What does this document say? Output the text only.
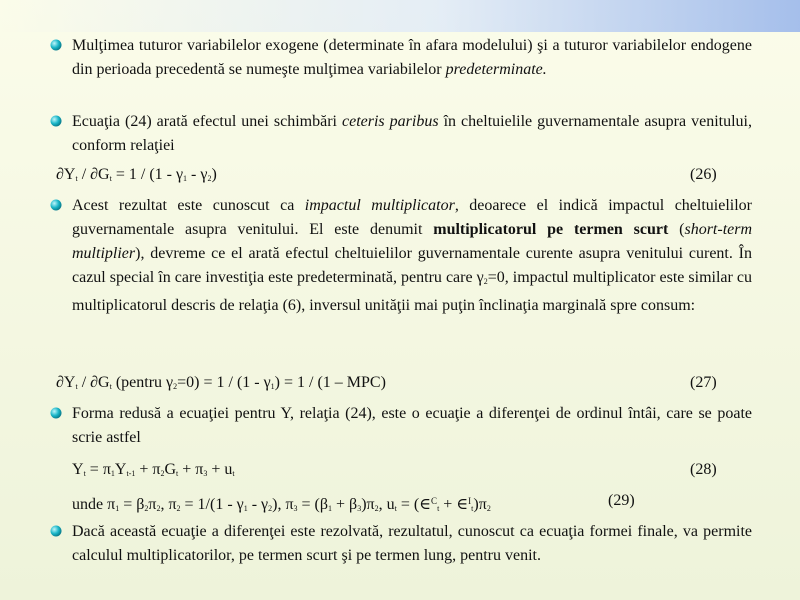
Mulţimea tuturor variabilelor exogene (determinate în afara modelului) şi a tuturor variabilelor endogene din perioada precedentă se numeşte mulţimea variabilelor predeterminate.
Ecuaţia (24) arată efectul unei schimbări ceteris paribus în cheltuielile guvernamentale asupra venitului, conform relaţiei
$\partial Y_t / \partial G_t = 1 / (1 - \gamma_1 - \gamma_2)$	(26)
Acest rezultat este cunoscut ca impactul multiplicator, deoarece el indică impactul cheltuielilor guvernamentale asupra venitului. El este denumit multiplicatorul pe termen scurt (short-term multiplier), devreme ce el arată efectul cheltuielilor guvernamentale curente asupra venitului curent. În cazul special în care investiţia este predeterminată, pentru care $\gamma_2=0$, impactul multiplicator este similar cu multiplicatorul descris de relaţia (6), inversul unităţii mai puţin înclinaţia marginală spre consum:
$\partial Y_t / \partial G_t$ (pentru $\gamma_2=0) = 1 / (1 - \gamma_1) = 1 / (1 - MPC)$	(27)
Forma redusă a ecuaţiei pentru Y, relaţia (24), este o ecuaţie a diferenţei de ordinul întâi, care se poate scrie astfel
$Y_t = \pi_1Y_{t-1} + \pi_2G_t + \pi_3 + u_t$	(28)
unde $\pi_1 = \beta_2\pi_2$, $\pi_2 = 1/(1 - \gamma_1 - \gamma_2)$, $\pi_3 = (\beta_1 + \beta_3)\pi_2$, $u_t$ = (∈$^C_t$ + $\in^I_t)\pi_2$	(29)
Dacă această ecuaţie a diferenţei este rezolvată, rezultatul, cunoscut ca ecuaţia formei finale, va permite calculul multiplicatorilor, pe termen scurt şi pe termen lung, pentru venit.
